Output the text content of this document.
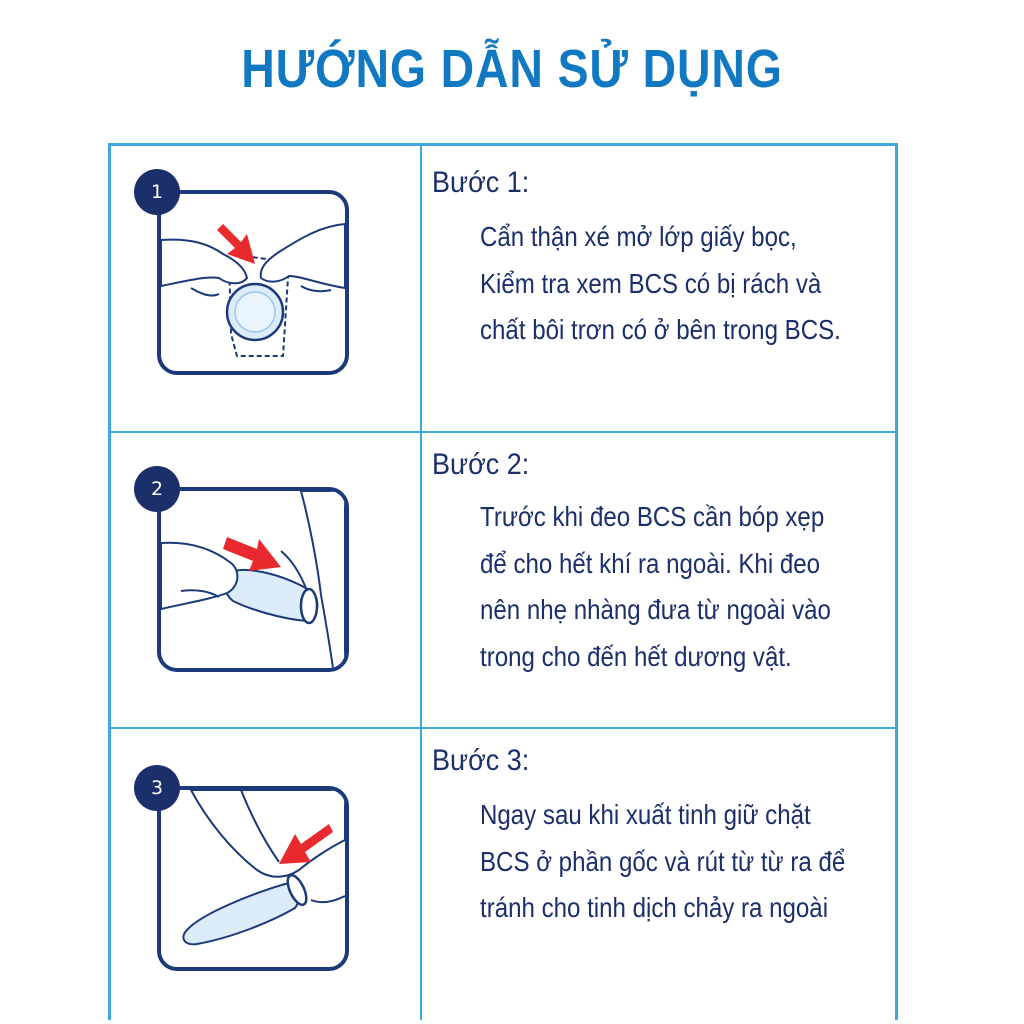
HƯỚNG DẪN SỬ DỤNG
1	Bước 1:
Cẩn thận xé mở lớp giấy bọc,
Kiểm tra xem BCS có bị rách và
chất bôi trơn có ở bên trong BCS.
2
Bước 2:
Trước khi đeo BCS cần bóp xẹp
để cho hết khí ra ngoài. Khi đeo
nên nhẹ nhàng đưa từ ngoài vào
trong cho đến hết dương vật.
3
Bước 3:
Ngay sau khi xuất tinh giữ chặt
BCS ở phần gốc và rút từ từ ra để
tránh cho tinh dịch chảy ra ngoài
